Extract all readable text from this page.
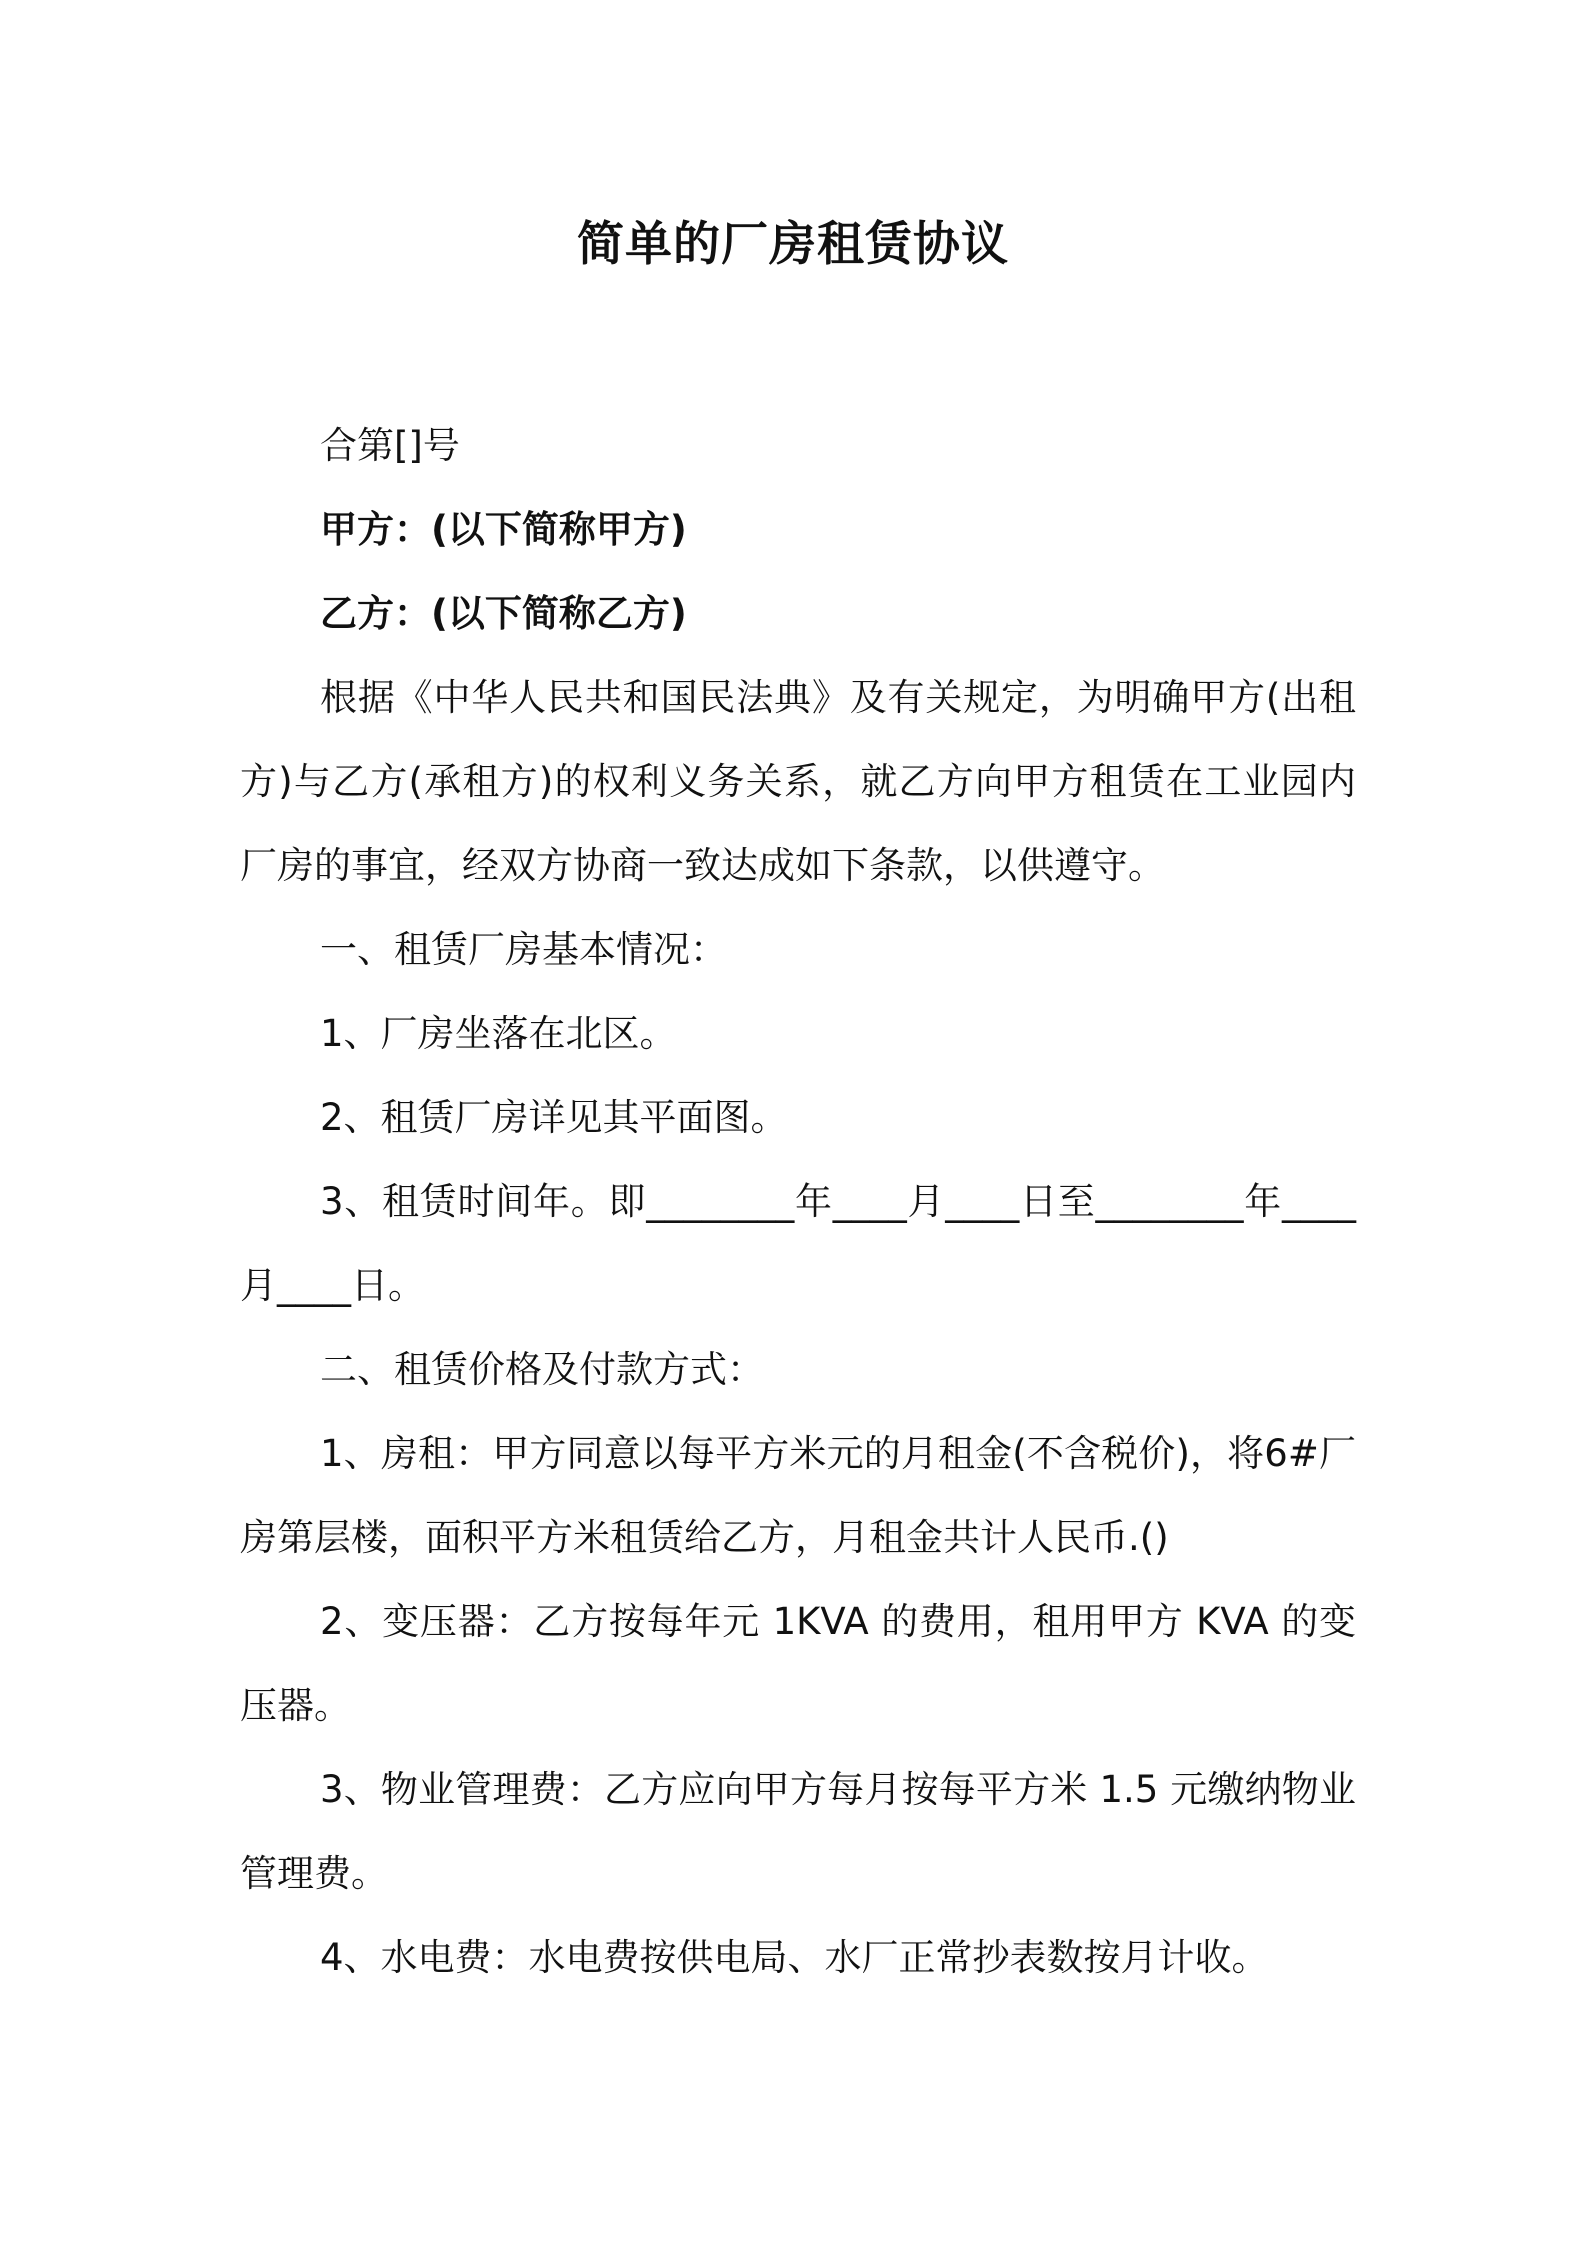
简单的厂房租赁协议

合第[]号

甲方：(以下简称甲方)

乙方：(以下简称乙方)

根据《中华人民共和国民法典》及有关规定，为明确甲方(出租方)与乙方(承租方)的权利义务关系，就乙方向甲方租赁在工业园内厂房的事宜，经双方协商一致达成如下条款，以供遵守。

一、租赁厂房基本情况：

1、厂房坐落在北区。

2、租赁厂房详见其平面图。

3、租赁时间年。即________年____月____日至________年____月____日。

二、租赁价格及付款方式：

1、房租：甲方同意以每平方米元的月租金(不含税价)，将6#厂房第层楼，面积平方米租赁给乙方，月租金共计人民币.()

2、变压器：乙方按每年元 1KVA 的费用，租用甲方 KVA 的变压器。

3、物业管理费：乙方应向甲方每月按每平方米 1.5 元缴纳物业管理费。

4、水电费：水电费按供电局、水厂正常抄表数按月计收。
